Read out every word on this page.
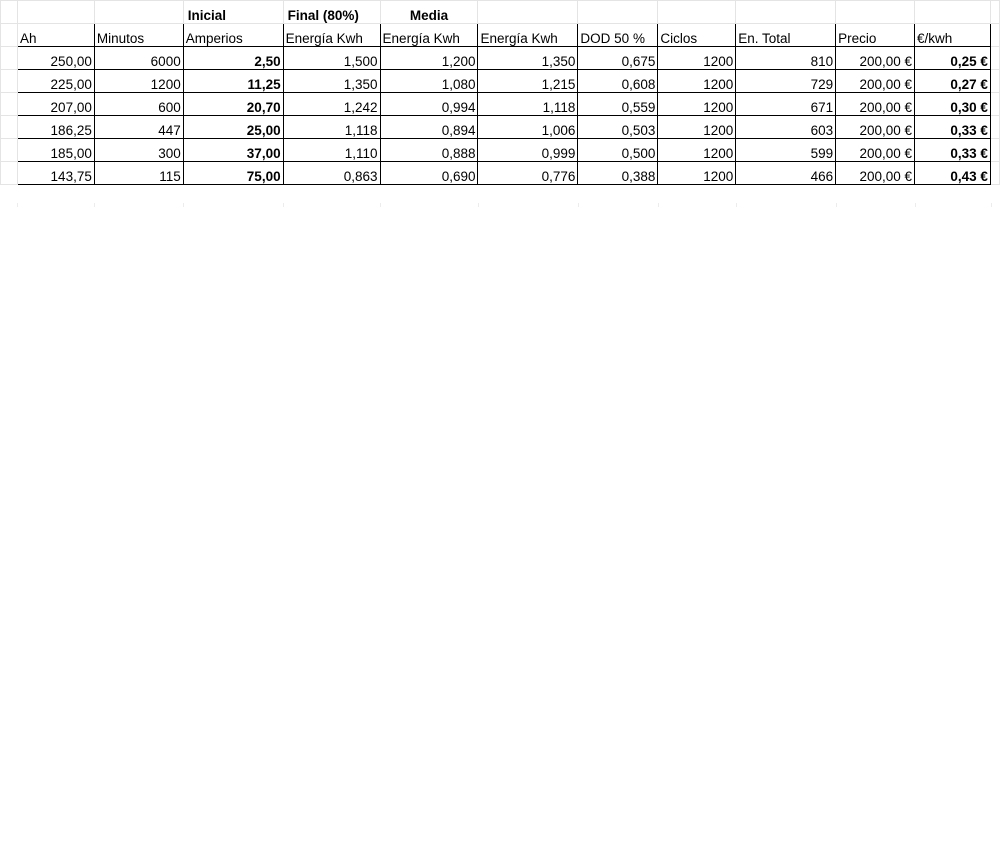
			Inicial	Final (80%)	Media							
	Ah	Minutos	Amperios	Energía Kwh	Energía Kwh	Energía Kwh	DOD 50 %	Ciclos	En. Total	Precio	€/kwh	
	250,00	6000	2,50	1,500	1,200	1,350	0,675	1200	810	200,00 €	0,25 €	
	225,00	1200	11,25	1,350	1,080	1,215	0,608	1200	729	200,00 €	0,27 €	
	207,00	600	20,70	1,242	0,994	1,118	0,559	1200	671	200,00 €	0,30 €	
	186,25	447	25,00	1,118	0,894	1,006	0,503	1200	603	200,00 €	0,33 €	
	185,00	300	37,00	1,110	0,888	0,999	0,500	1200	599	200,00 €	0,33 €	
	143,75	115	75,00	0,863	0,690	0,776	0,388	1200	466	200,00 €	0,43 €	
